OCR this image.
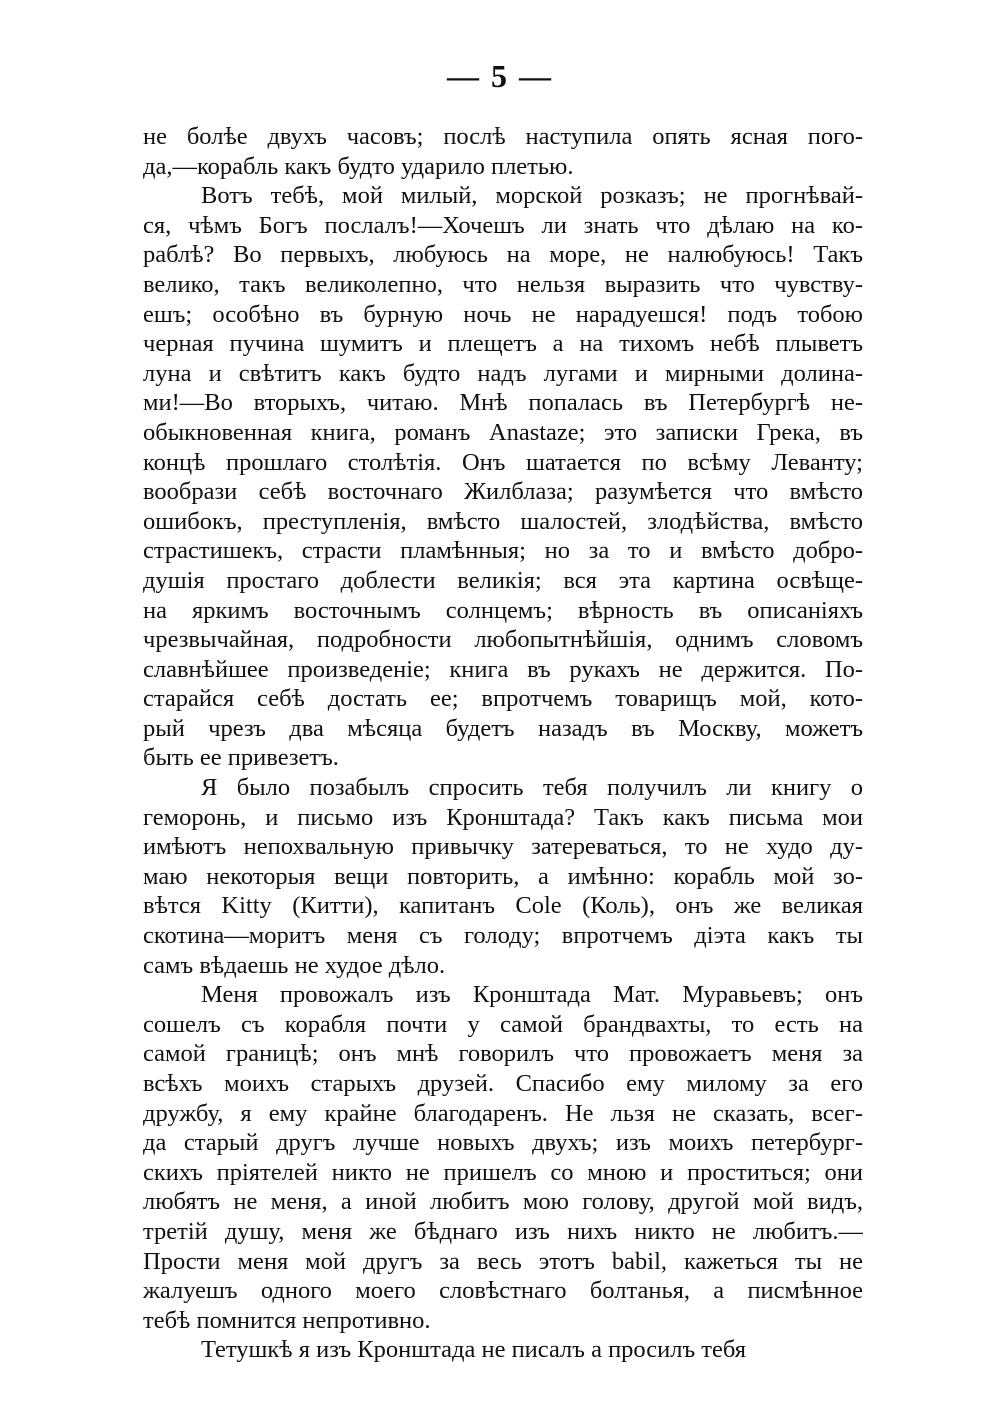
— 5 —
не болѣе двухъ часовъ; послѣ наступила опять ясная пого-
да,—корабль какъ будто ударило плетью.
Вотъ тебѣ, мой милый, морской розказъ; не прогнѣвай-
ся, чѣмъ Богъ послалъ!—Хочешъ ли знать что дѣлаю на ко-
раблѣ? Во первыхъ, любуюсь на море, не налюбуюсь! Такъ
велико, такъ великолепно, что нельзя выразить что чувству-
ешъ; особѣно въ бурную ночь не нарадуешся! подъ тобою
черная пучина шумитъ и плещетъ а на тихомъ небѣ плыветъ
луна и свѣтитъ какъ будто надъ лугами и мирными долина-
ми!—Во вторыхъ, читаю. Мнѣ попалась въ Петербургѣ не-
обыкновенная книга, романъ Anastaze; это записки Грека, въ
концѣ прошлаго столѣтія. Онъ шатается по всѣму Леванту;
вообрази себѣ восточнаго Жилблаза; разумѣется что вмѣсто
ошибокъ, преступленія, вмѣсто шалостей, злодѣйства, вмѣсто
страстишекъ, страсти пламѣнныя; но за то и вмѣсто добро-
душія простаго доблести великія; вся эта картина освѣще-
на яркимъ восточнымъ солнцемъ; вѣрность въ описаніяхъ
чрезвычайная, подробности любопытнѣйшія, однимъ словомъ
славнѣйшее произведеніе; книга въ рукахъ не держится. По-
старайся себѣ достать ее; впротчемъ товарищъ мой, кото-
рый чрезъ два мѣсяца будетъ назадъ въ Москву, можетъ
быть ее привезетъ.
Я было позабылъ спросить тебя получилъ ли книгу о
геморонь, и письмо изъ Кронштада? Такъ какъ письма мои
имѣютъ непохвальную привычку затереваться, то не худо ду-
маю некоторыя вещи повторить, а имѣнно: корабль мой зо-
вѣтся Kitty (Китти), капитанъ Cole (Коль), онъ же великая
скотина—моритъ меня съ голоду; впротчемъ діэта какъ ты
самъ вѣдаешь не худое дѣло.
Меня провожалъ изъ Кронштада Мат. Муравьевъ; онъ
сошелъ съ корабля почти у самой брандвахты, то есть на
самой границѣ; онъ мнѣ говорилъ что провожаетъ меня за
всѣхъ моихъ старыхъ друзей. Спасибо ему милому за его
дружбу, я ему крайне благодаренъ. Не льзя не сказать, всег-
да старый другъ лучше новыхъ двухъ; изъ моихъ петербург-
скихъ пріятелей никто не пришелъ со мною и проститься; они
любятъ не меня, а иной любитъ мою голову, другой мой видъ,
третій душу, меня же бѣднаго изъ нихъ никто не любитъ.—
Прости меня мой другъ за весь этотъ babil, кажеться ты не
жалуешъ одного моего словѣстнаго болтанья, а писмѣнное
тебѣ помнится непротивно.
Тетушкѣ я изъ Кронштада не писалъ а просилъ тебя
